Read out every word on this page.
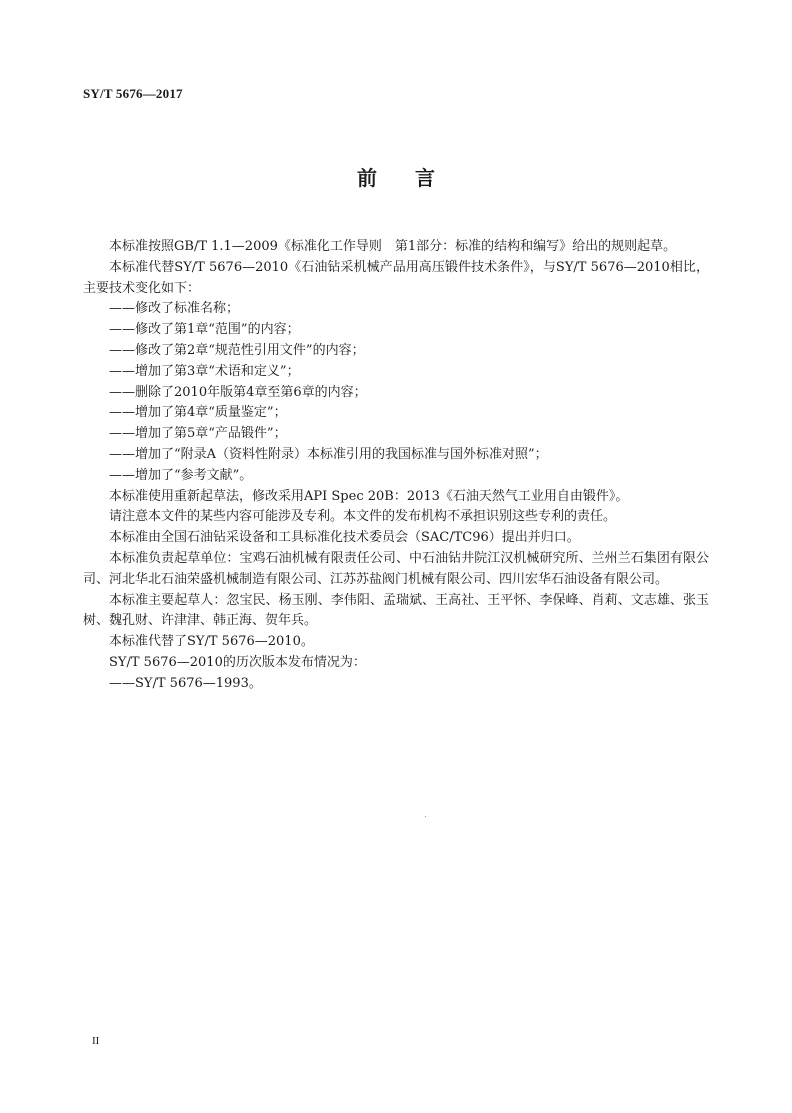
SY/T 5676—2017
前言

本标准按照GB/T 1.1—2009《标准化工作导则　第1部分：标准的结构和编写》给出的规则起草。

本标准代替SY/T 5676—2010《石油钻采机械产品用高压锻件技术条件》，与SY/T 5676—2010相比，主要技术变化如下：

——修改了标准名称；

——修改了第1章“范围”的内容；

——修改了第2章“规范性引用文件”的内容；

——增加了第3章“术语和定义”；

——删除了2010年版第4章至第6章的内容；

——增加了第4章“质量鉴定”；

——增加了第5章“产品锻件”；

——增加了“附录A（资料性附录）本标准引用的我国标准与国外标准对照”；

——增加了“参考文献”。

本标准使用重新起草法，修改采用API Spec 20B：2013《石油天然气工业用自由锻件》。

请注意本文件的某些内容可能涉及专利。本文件的发布机构不承担识别这些专利的责任。

本标准由全国石油钻采设备和工具标准化技术委员会（SAC/TC96）提出并归口。

本标准负责起草单位：宝鸡石油机械有限责任公司、中石油钻井院江汉机械研究所、兰州兰石集团有限公司、河北华北石油荣盛机械制造有限公司、江苏苏盐阀门机械有限公司、四川宏华石油设备有限公司。

本标准主要起草人：忽宝民、杨玉刚、李伟阳、孟瑞斌、王高社、王平怀、李保峰、肖莉、文志雄、张玉树、魏孔财、许津津、韩正海、贺年兵。

本标准代替了SY/T 5676—2010。

SY/T 5676—2010的历次版本发布情况为：

——SY/T 5676—1993。

II
